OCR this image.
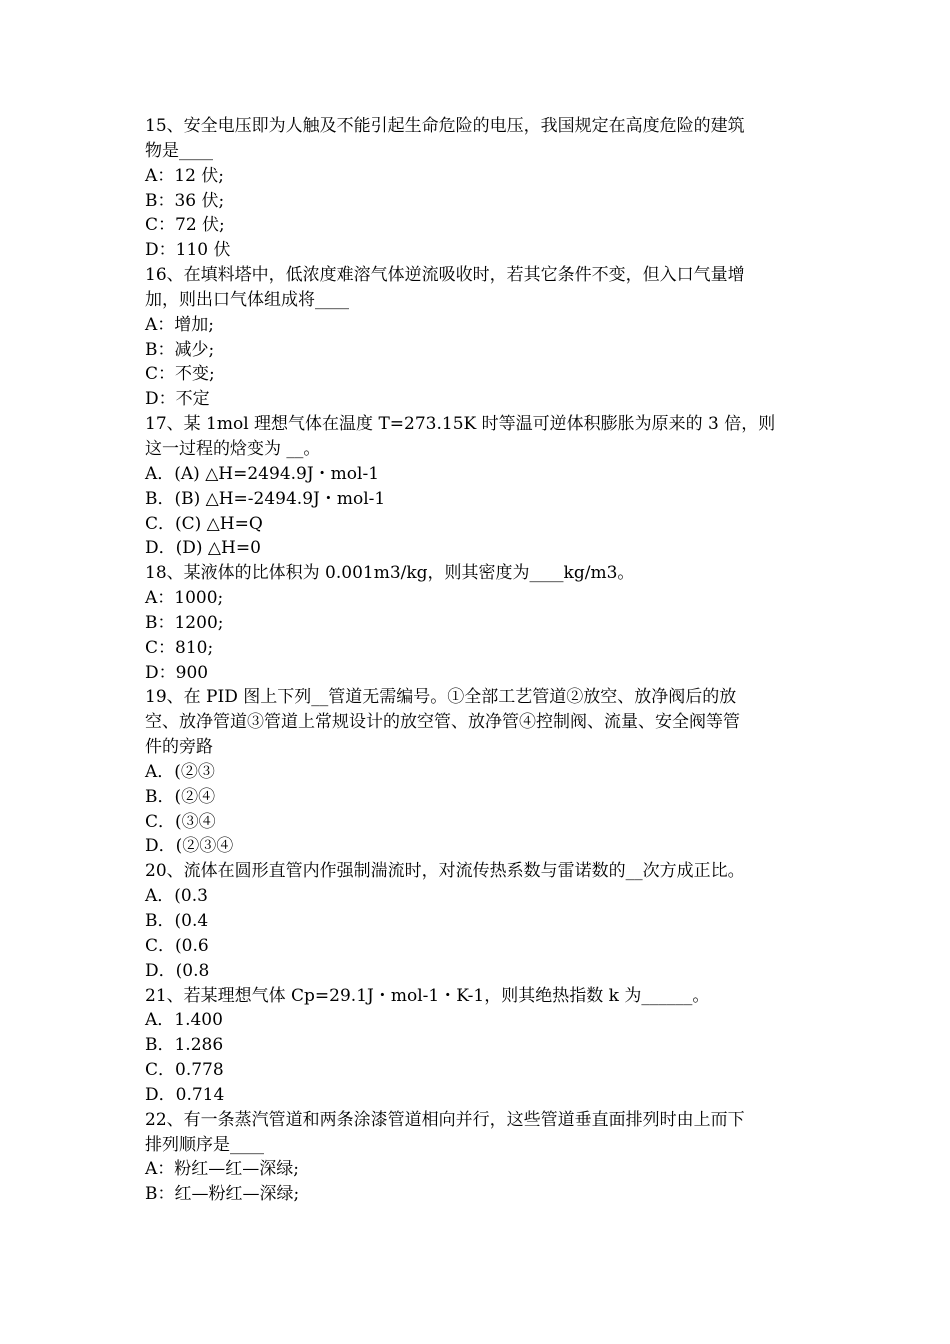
15、安全电压即为人触及不能引起生命危险的电压，我国规定在高度危险的建筑
物是____
A：12 伏;
B：36 伏;
C：72 伏;
D：110 伏
16、在填料塔中，低浓度难溶气体逆流吸收时，若其它条件不变，但入口气量增
加，则出口气体组成将____
A：增加;
B：减少;
C：不变;
D：不定
17、某 1mol 理想气体在温度 T=273.15K 时等温可逆体积膨胀为原来的 3 倍，则
这一过程的焓变为 __。
A．(A) △H=2494.9J・mol-1
B．(B) △H=-2494.9J・mol-1
C．(C) △H=Q
D．(D) △H=0
18、某液体的比体积为 0.001m3/kg，则其密度为____kg/m3。
A：1000;
B：1200;
C：810;
D：900
19、在 PID 图上下列__管道无需编号。①全部工艺管道②放空、放净阀后的放
空、放净管道③管道上常规设计的放空管、放净管④控制阀、流量、安全阀等管
件的旁路
A．(②③
B．(②④
C．(③④
D．(②③④
20、流体在圆形直管内作强制湍流时，对流传热系数与雷诺数的__次方成正比。
A．(0.3
B．(0.4
C．(0.6
D．(0.8
21、若某理想气体 Cp=29.1J・mol-1・K-1，则其绝热指数 k 为______。
A．1.400
B．1.286
C．0.778
D．0.714
22、有一条蒸汽管道和两条涂漆管道相向并行，这些管道垂直面排列时由上而下
排列顺序是____
A：粉红—红—深绿;
B：红—粉红—深绿;
